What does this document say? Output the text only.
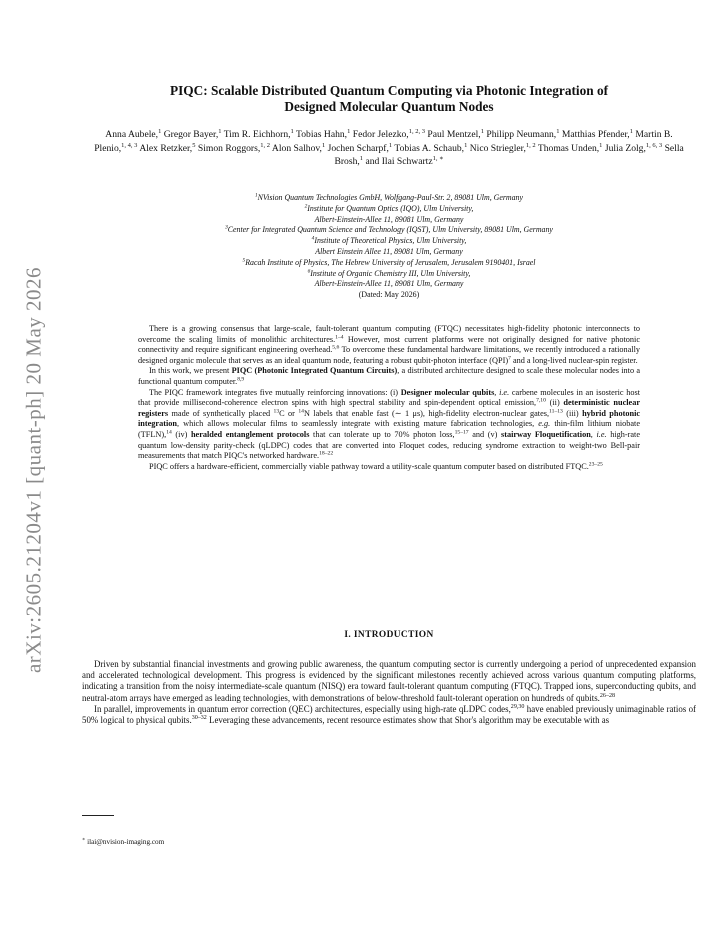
arXiv:2605.21204v1 [quant-ph] 20 May 2026
PIQC: Scalable Distributed Quantum Computing via Photonic Integration of
Designed Molecular Quantum Nodes
Anna Aubele,$^1$ Gregor Bayer,$^1$ Tim R. Eichhorn,$^1$ Tobias Hahn,$^1$ Fedor Jelezko,$^{1, 2, 3}$ Paul Mentzel,$^1$ Philipp Neumann,$^1$ Matthias Pfender,$^1$ Martin B. Plenio,$^{1, 4, 3}$ Alex Retzker,$^5$ Simon Roggors,$^{1, 2}$ Alon Salhov,$^1$ Jochen Scharpf,$^1$ Tobias A. Schaub,$^1$ Nico Striegler,$^{1, 2}$ Thomas Unden,$^1$ Julia Zolg,$^{1, 6, 3}$ Sella Brosh,$^1$ and Ilai Schwartz$^{1, ∗}$
$^1$NVision Quantum Technologies GmbH, Wolfgang-Paul-Str. 2, 89081 Ulm, Germany
$^2$Institute for Quantum Optics (IQO), Ulm University,
Albert-Einstein-Allee 11, 89081 Ulm, Germany
$^3$Center for Integrated Quantum Science and Technology (IQST), Ulm University, 89081 Ulm, Germany
$^4$Institute of Theoretical Physics, Ulm University,
Albert Einstein Allee 11, 89081 Ulm, Germany
$^5$Racah Institute of Physics, The Hebrew University of Jerusalem, Jerusalem 9190401, Israel
$^6$Institute of Organic Chemistry III, Ulm University,
Albert-Einstein-Allee 11, 89081 Ulm, Germany
(Dated: May 2026)

There is a growing consensus that large-scale, fault-tolerant quantum computing (FTQC) necessitates high-fidelity photonic interconnects to overcome the scaling limits of monolithic architectures.$^{1-4}$ However, most current platforms were not originally designed for native photonic connectivity and require significant engineering overhead.$^{5,6}$ To overcome these fundamental hardware limitations, we recently introduced a rationally designed organic molecule that serves as an ideal quantum node, featuring a robust qubit-photon interface (QPI)$^7$ and a long-lived nuclear-spin register.

In this work, we present PIQC (Photonic Integrated Quantum Circuits), a distributed architecture designed to scale these molecular nodes into a functional quantum computer.$^{8,9}$

The PIQC framework integrates five mutually reinforcing innovations: (i) Designer molecular qubits, i.e. carbene molecules in an isosteric host that provide millisecond-coherence electron spins with high spectral stability and spin-dependent optical emission,$^{7,10}$ (ii) deterministic nuclear registers made of synthetically placed $^{13}$C or $^{14}$N labels that enable fast (∼ 1 μs), high-fidelity electron-nuclear gates,$^{11-13}$ (iii) hybrid photonic integration, which allows molecular films to seamlessly integrate with existing mature fabrication technologies, e.g. thin-film lithium niobate (TFLN),$^{14}$ (iv) heralded entanglement protocols that can tolerate up to 70% photon loss,$^{15-17}$ and (v) stairway Floquetification, i.e. high-rate quantum low-density parity-check (qLDPC) codes that are converted into Floquet codes, reducing syndrome extraction to weight-two Bell-pair measurements that match PIQC's networked hardware.$^{18-22}$

PIQC offers a hardware-efficient, commercially viable pathway toward a utility-scale quantum computer based on distributed FTQC.$^{23-25}$

I. INTRODUCTION

Driven by substantial financial investments and growing public awareness, the quantum computing sector is currently undergoing a period of unprecedented expansion and accelerated technological development. This progress is evidenced by the significant milestones recently achieved across various quantum computing platforms, indicating a transition from the noisy intermediate-scale quantum (NISQ) era toward fault-tolerant quantum computing (FTQC). Trapped ions, superconducting qubits, and neutral-atom arrays have emerged as leading technologies, with demonstrations of below-threshold fault-tolerant operation on hundreds of qubits.$^{26-28}$

In parallel, improvements in quantum error correction (QEC) architectures, especially using high-rate qLDPC codes,$^{29,30}$ have enabled previously unimaginable ratios of 50% logical to physical qubits.$^{30-32}$ Leveraging these advancements, recent resource estimates show that Shor's algorithm may be executable with as

∗ ilai@nvision-imaging.com
